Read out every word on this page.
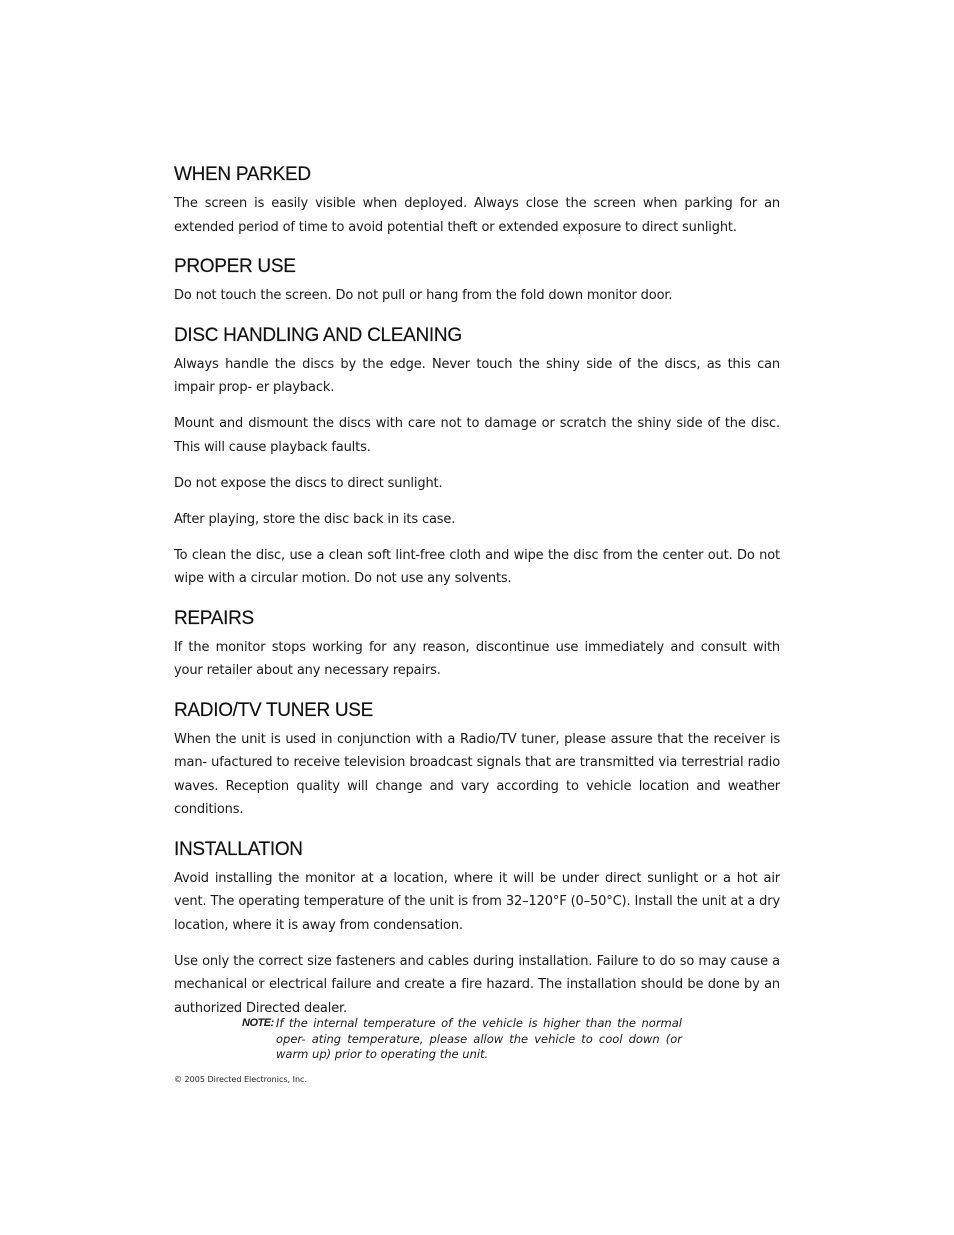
WHEN PARKED

The screen is easily visible when deployed. Always close the screen when parking for an extended period of time to avoid potential theft or extended exposure to direct sunlight.

PROPER USE

Do not touch the screen. Do not pull or hang from the fold down monitor door.

DISC HANDLING AND CLEANING

Always handle the discs by the edge. Never touch the shiny side of the discs, as this can impair prop- er playback.

Mount and dismount the discs with care not to damage or scratch the shiny side of the disc. This will cause playback faults.

Do not expose the discs to direct sunlight.

After playing, store the disc back in its case.

To clean the disc, use a clean soft lint-free cloth and wipe the disc from the center out. Do not wipe with a circular motion. Do not use any solvents.

REPAIRS

If the monitor stops working for any reason, discontinue use immediately and consult with your retailer about any necessary repairs.

RADIO/TV TUNER USE

When the unit is used in conjunction with a Radio/TV tuner, please assure that the receiver is man- ufactured to receive television broadcast signals that are transmitted via terrestrial radio waves. Reception quality will change and vary according to vehicle location and weather conditions.

INSTALLATION

Avoid installing the monitor at a location, where it will be under direct sunlight or a hot air vent. The operating temperature of the unit is from 32–120°F (0–50°C). Install the unit at a dry location, where it is away from condensation.

Use only the correct size fasteners and cables during installation. Failure to do so may cause a mechanical or electrical failure and create a fire hazard. The installation should be done by an authorized Directed dealer.

NOTE: If the internal temperature of the vehicle is higher than the normal oper- ating temperature, please allow the vehicle to cool down (or warm up) prior to operating the unit.
© 2005 Directed Electronics, Inc.
